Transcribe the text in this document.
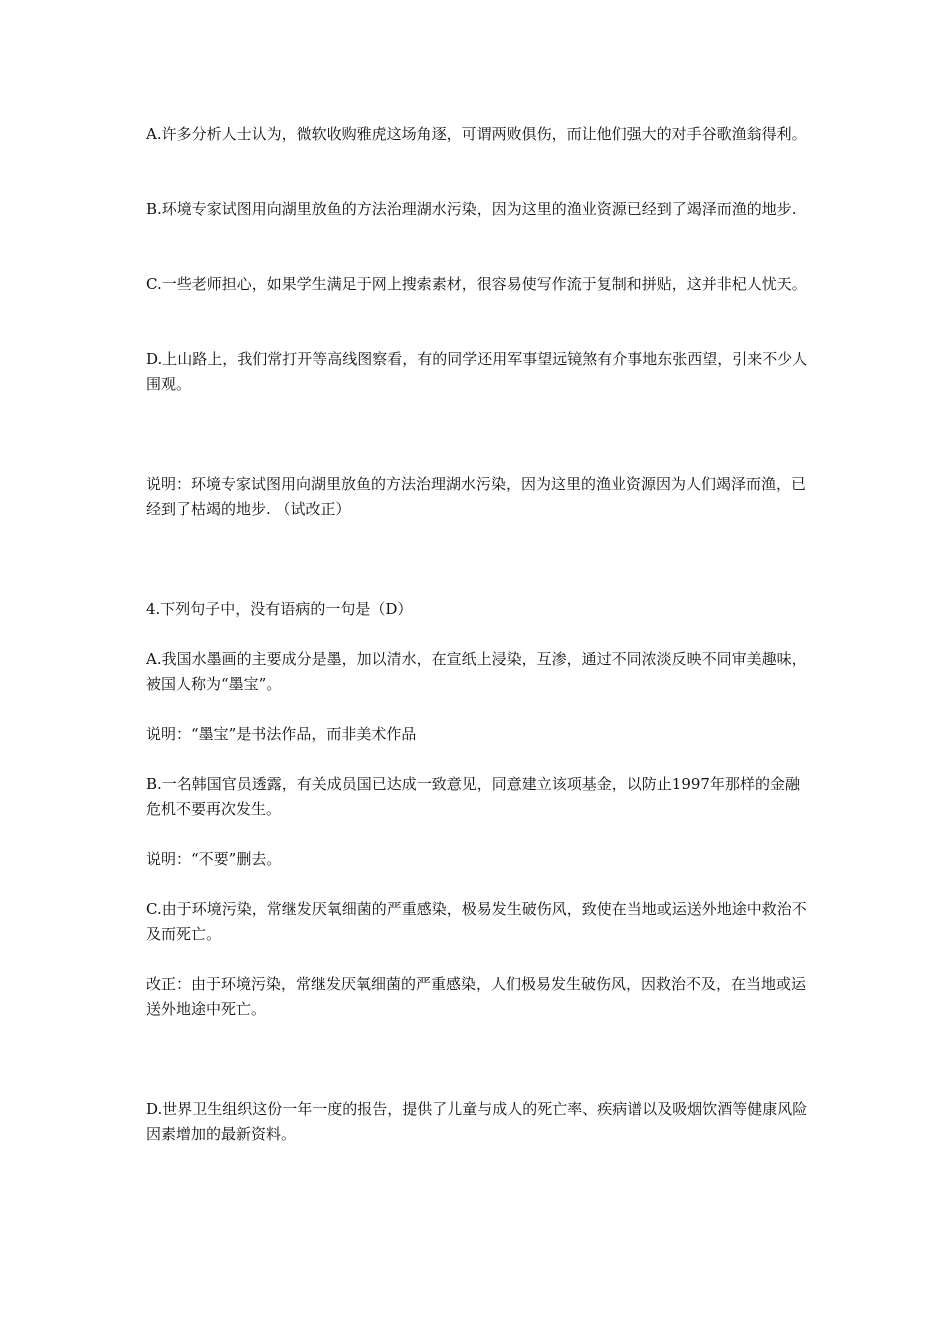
A.许多分析人士认为，微软收购雅虎这场角逐，可谓两败俱伤，而让他们强大的对手谷歌渔翁得利。

B.环境专家试图用向湖里放鱼的方法治理湖水污染，因为这里的渔业资源已经到了竭泽而渔的地步.

C.一些老师担心，如果学生满足于网上搜索素材，很容易使写作流于复制和拼贴，这并非杞人忧天。

D.上山路上，我们常打开等高线图察看，有的同学还用军事望远镜煞有介事地东张西望，引来不少人围观。

说明：环境专家试图用向湖里放鱼的方法治理湖水污染，因为这里的渔业资源因为人们竭泽而渔，已经到了枯竭的地步. （试改正）

4.下列句子中，没有语病的一句是（D）

A.我国水墨画的主要成分是墨，加以清水，在宣纸上浸染，互渗，通过不同浓淡反映不同审美趣味，被国人称为“墨宝”。

说明：“墨宝”是书法作品，而非美术作品

B.一名韩国官员透露，有关成员国已达成一致意见，同意建立该项基金，以防止1997年那样的金融危机不要再次发生。

说明：“不要”删去。

C.由于环境污染，常继发厌氧细菌的严重感染，极易发生破伤风，致使在当地或运送外地途中救治不及而死亡。

改正：由于环境污染，常继发厌氧细菌的严重感染，人们极易发生破伤风，因救治不及，在当地或运送外地途中死亡。

D.世界卫生组织这份一年一度的报告，提供了儿童与成人的死亡率、疾病谱以及吸烟饮酒等健康风险因素增加的最新资料。
